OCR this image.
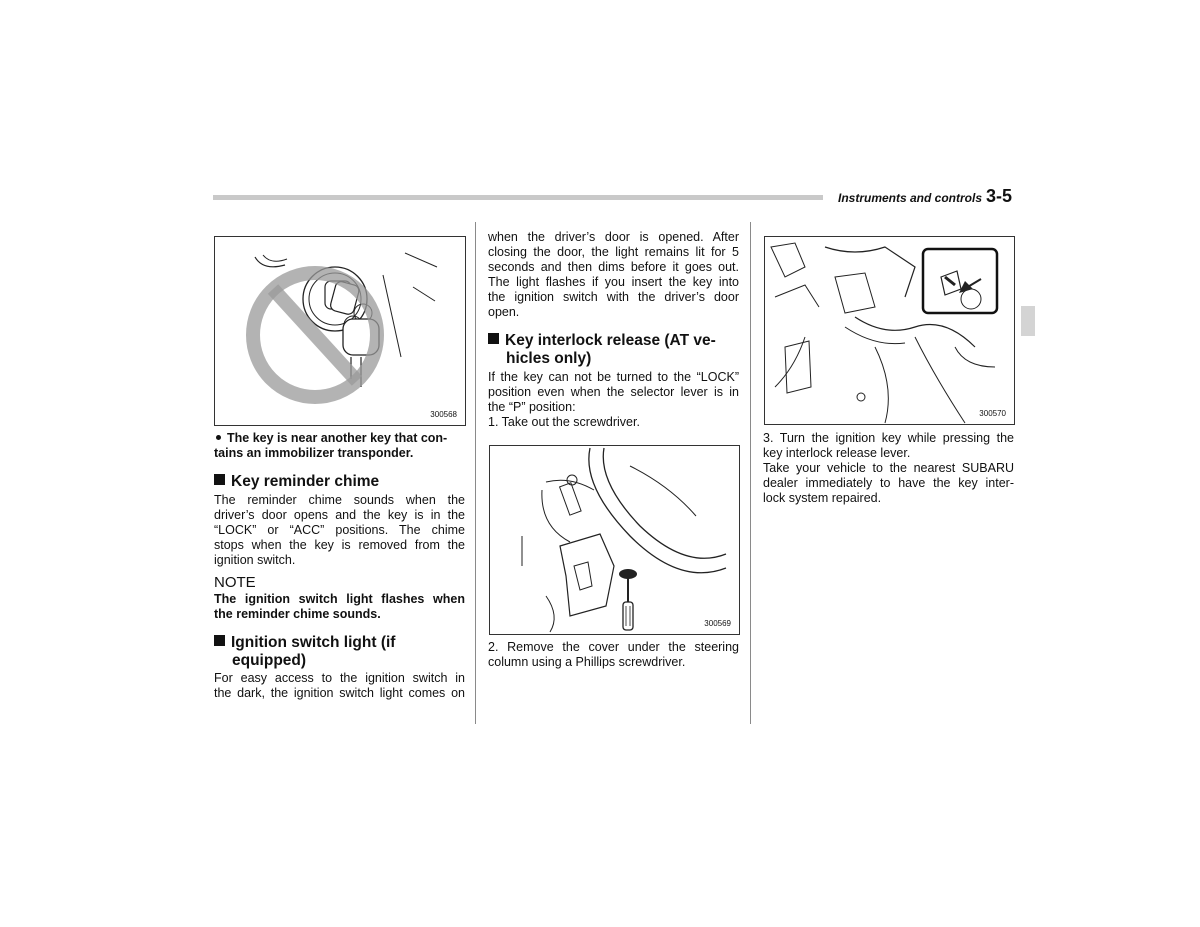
Instruments and controls 3-5
300568

The key is near another key that con-
tains an immobilizer transponder.

Key reminder chime

The reminder chime sounds when the
driver’s door opens and the key is in the
“LOCK” or “ACC” positions. The chime
stops when the key is removed from the
ignition switch.

NOTE

The ignition switch light flashes when
the reminder chime sounds.

Ignition switch light (if
equipped)

For easy access to the ignition switch in
the dark, the ignition switch light comes on

when the driver’s door is opened. After
closing the door, the light remains lit for 5
seconds and then dims before it goes out.
The light flashes if you insert the key into
the ignition switch with the driver’s door
open.

Key interlock release (AT ve-
hicles only)

If the key can not be turned to the “LOCK”
position even when the selector lever is in
the “P” position:

1. Take out the screwdriver.

300569

2. Remove the cover under the steering
column using a Phillips screwdriver.

300570

3. Turn the ignition key while pressing the
key interlock release lever.

Take your vehicle to the nearest SUBARU
dealer immediately to have the key inter-
lock system repaired.
